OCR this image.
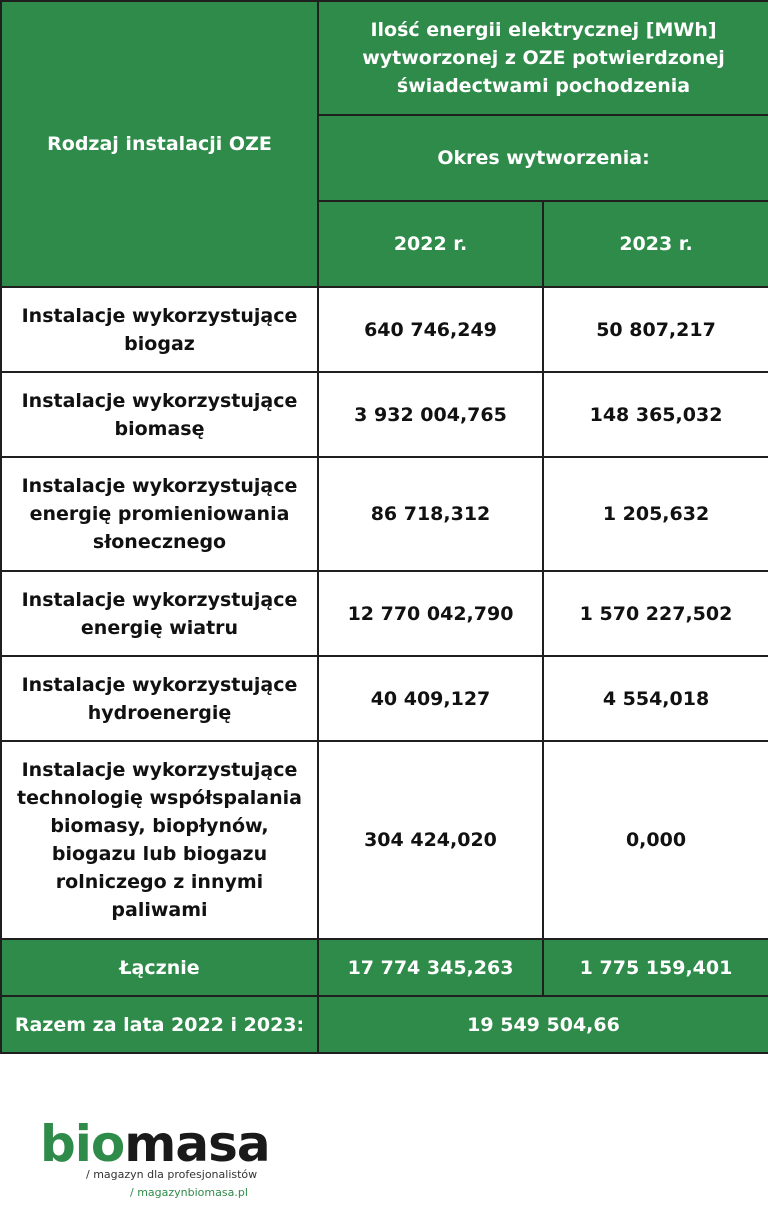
Rodzaj instalacji OZE	Ilość energii elektrycznej [MWh] wytworzonej z OZE potwierdzonej świadectwami pochodzenia	
	Okres wytworzenia:	
	2022 r.	2023 r.
Instalacje wykorzystujące biogaz	640 746,249	50 807,217
Instalacje wykorzystujące biomasę	3 932 004,765	148 365,032
Instalacje wykorzystujące energię promieniowania słonecznego	86 718,312	1 205,632
Instalacje wykorzystujące energię wiatru	12 770 042,790	1 570 227,502
Instalacje wykorzystujące hydroenergię	40 409,127	4 554,018
Instalacje wykorzystujące technologię współspalania biomasy, biopłynów, biogazu lub biogazu rolniczego z innymi paliwami	304 424,020	0,000
Łącznie	17 774 345,263	1 775 159,401
Razem za lata 2022 i 2023:	19 549 504,66	
biomasa
/ magazyn dla profesjonalistów
/ magazynbiomasa.pl
